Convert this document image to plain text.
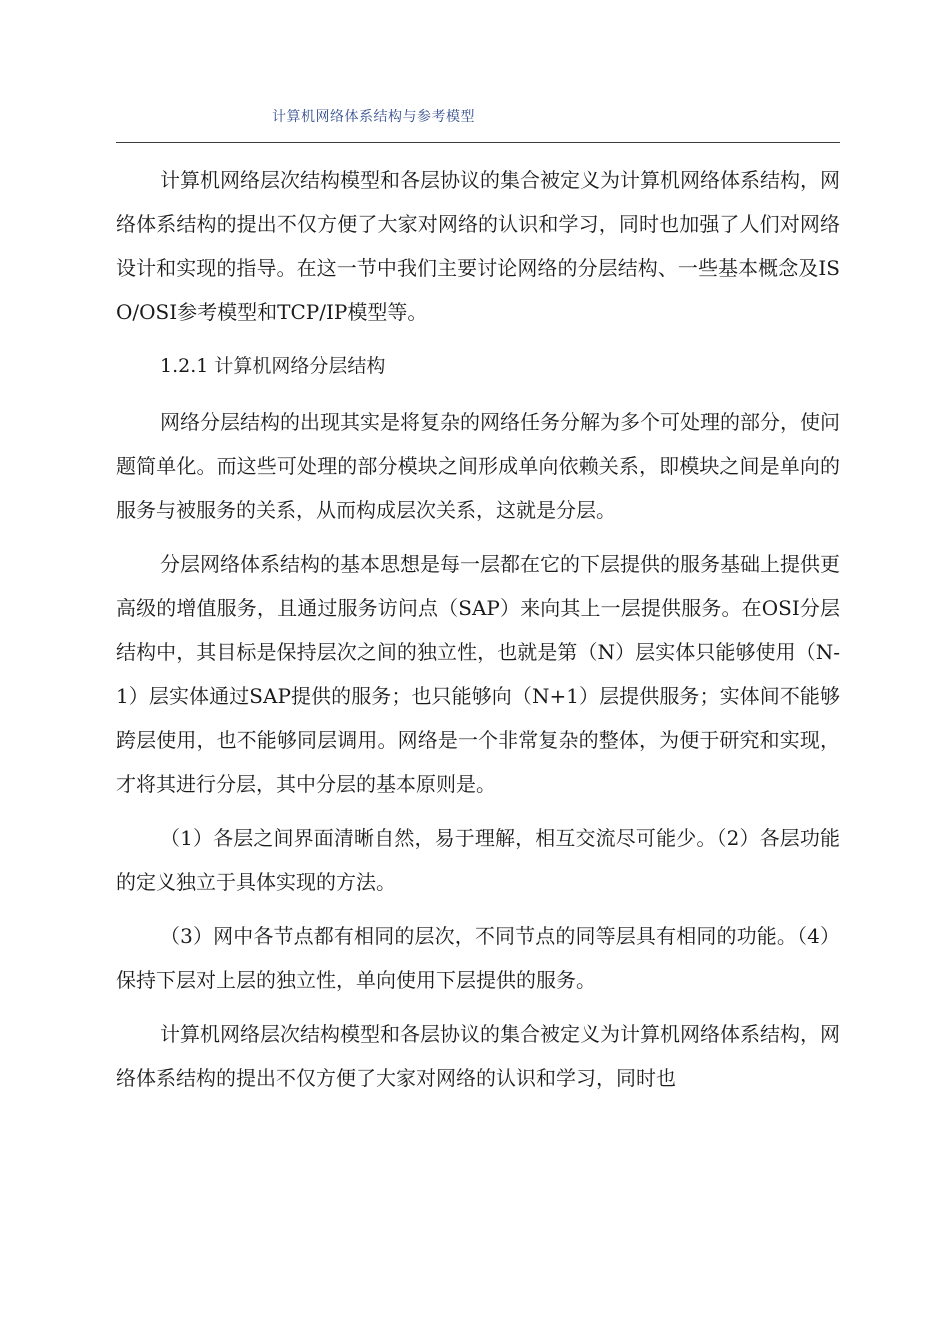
计算机网络体系结构与参考模型

计算机网络层次结构模型和各层协议的集合被定义为计算机网络体系结构，网络体系结构的提出不仅方便了大家对网络的认识和学习，同时也加强了人们对网络设计和实现的指导。在这一节中我们主要讨论网络的分层结构、一些基本概念及ISO/OSI参考模型和TCP/IP模型等。

1.2.1 计算机网络分层结构

网络分层结构的出现其实是将复杂的网络任务分解为多个可处理的部分，使问题简单化。而这些可处理的部分模块之间形成单向依赖关系，即模块之间是单向的服务与被服务的关系，从而构成层次关系，这就是分层。

分层网络体系结构的基本思想是每一层都在它的下层提供的服务基础上提供更高级的增值服务，且通过服务访问点（SAP）来向其上一层提供服务。在OSI分层结构中，其目标是保持层次之间的独立性，也就是第（N）层实体只能够使用（N-1）层实体通过SAP提供的服务；也只能够向（N+1）层提供服务；实体间不能够跨层使用，也不能够同层调用。网络是一个非常复杂的整体，为便于研究和实现，才将其进行分层，其中分层的基本原则是。

（1）各层之间界面清晰自然，易于理解，相互交流尽可能少。（2）各层功能的定义独立于具体实现的方法。

（3）网中各节点都有相同的层次，不同节点的同等层具有相同的功能。（4）保持下层对上层的独立性，单向使用下层提供的服务。

计算机网络层次结构模型和各层协议的集合被定义为计算机网络体系结构，网络体系结构的提出不仅方便了大家对网络的认识和学习，同时也
